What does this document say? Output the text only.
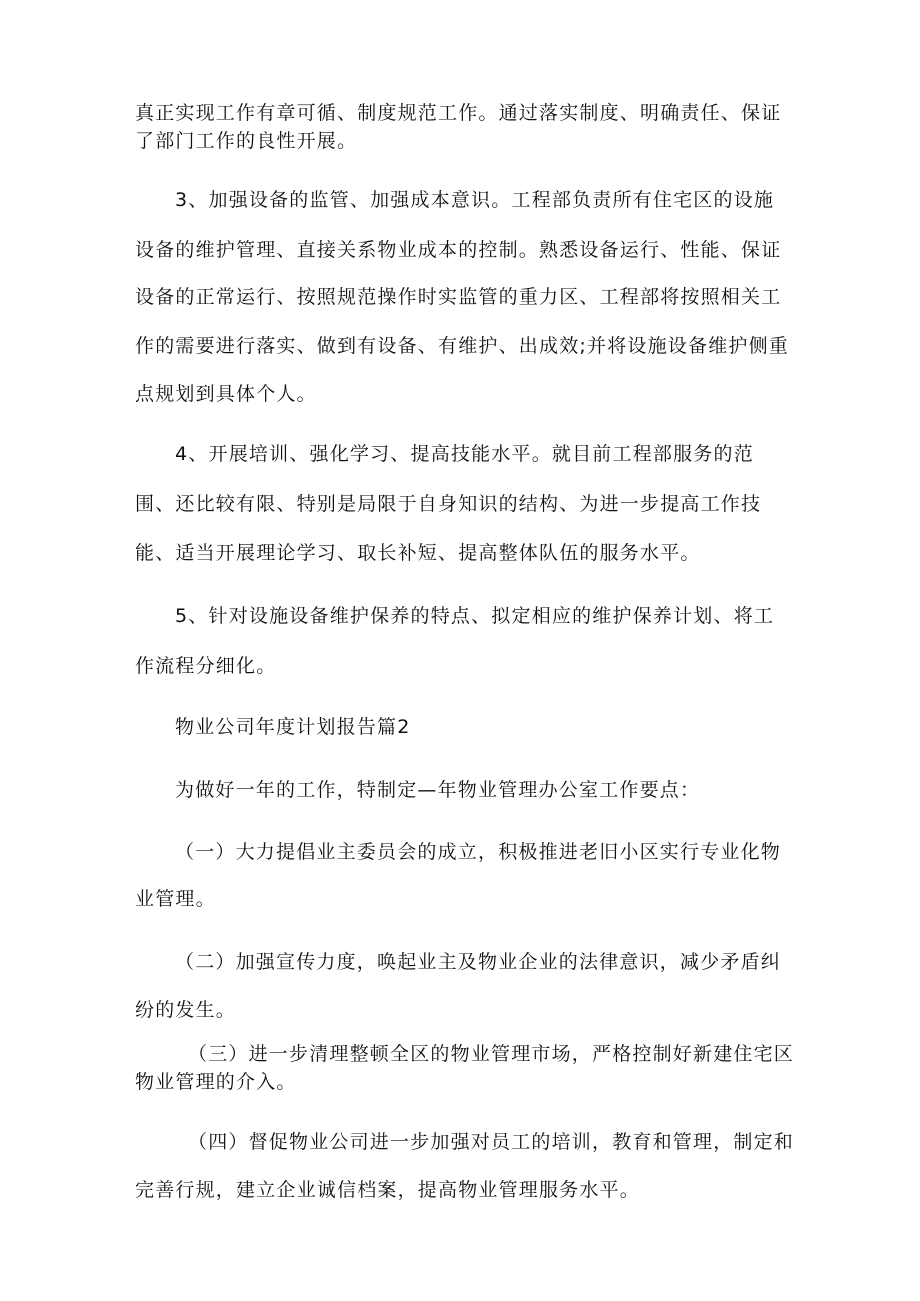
真正实现工作有章可循、制度规范工作。通过落实制度、明确责任、保证
了部门工作的良性开展。
3、加强设备的监管、加强成本意识。工程部负责所有住宅区的设施
设备的维护管理、直接关系物业成本的控制。熟悉设备运行、性能、保证
设备的正常运行、按照规范操作时实监管的重力区、工程部将按照相关工
作的需要进行落实、做到有设备、有维护、出成效;并将设施设备维护侧重
点规划到具体个人。
4、开展培训、强化学习、提高技能水平。就目前工程部服务的范
围、还比较有限、特别是局限于自身知识的结构、为进一步提高工作技
能、适当开展理论学习、取长补短、提高整体队伍的服务水平。
5、针对设施设备维护保养的特点、拟定相应的维护保养计划、将工
作流程分细化。
物业公司年度计划报告篇2
为做好一年的工作，特制定—年物业管理办公室工作要点：
（一）大力提倡业主委员会的成立，积极推进老旧小区实行专业化物
业管理。
（二）加强宣传力度，唤起业主及物业企业的法律意识，减少矛盾纠
纷的发生。
（三）进一步清理整顿全区的物业管理市场，严格控制好新建住宅区
物业管理的介入。
（四）督促物业公司进一步加强对员工的培训，教育和管理，制定和
完善行规，建立企业诚信档案，提高物业管理服务水平。
